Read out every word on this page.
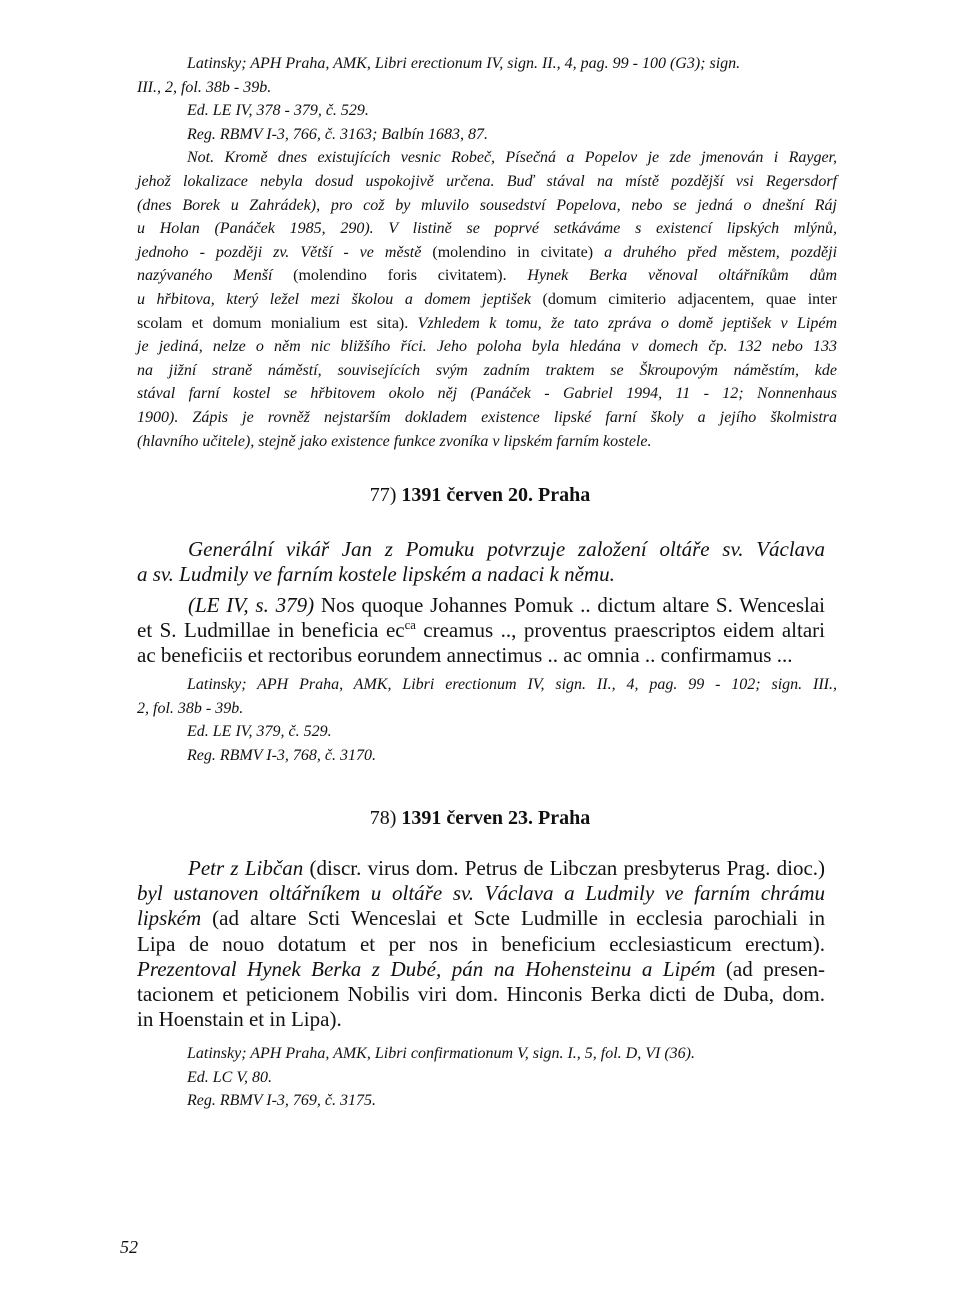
Latinsky; APH Praha, AMK, Libri erectionum IV, sign. II., 4, pag. 99 - 100 (G3); sign.
III., 2, fol. 38b - 39b.
Ed. LE IV, 378 - 379, č. 529.
Reg. RBMV I-3, 766, č. 3163; Balbín 1683, 87.
Not. Kromě dnes existujících vesnic Robeč, Písečná a Popelov je zde jmenován i Rayger,
jehož lokalizace nebyla dosud uspokojivě určena. Buď stával na místě pozdější vsi Regersdorf
(dnes Borek u Zahrádek), pro což by mluvilo sousedství Popelova, nebo se jedná o dnešní Ráj
u Holan (Panáček 1985, 290). V listině se poprvé setkáváme s existencí lipských mlýnů,
jednoho - později zv. Větší - ve městě (molendino in civitate) a druhého před městem, později
nazývaného Menší (molendino foris civitatem). Hynek Berka věnoval oltářníkům dům
u hřbitova, který ležel mezi školou a domem jeptišek (domum cimiterio adjacentem, quae inter
scolam et domum monialium est sita). Vzhledem k tomu, že tato zpráva o domě jeptišek v Lipém
je jediná, nelze o něm nic bližšího říci. Jeho poloha byla hledána v domech čp. 132 nebo 133
na jižní straně náměstí, souvisejících svým zadním traktem se Škroupovým náměstím, kde
stával farní kostel se hřbitovem okolo něj (Panáček - Gabriel 1994, 11 - 12; Nonnenhaus
1900). Zápis je rovněž nejstarším dokladem existence lipské farní školy a jejího školmistra
(hlavního učitele), stejně jako existence funkce zvoníka v lipském farním kostele.
77) 1391 červen 20. Praha
Generální vikář Jan z Pomuku potvrzuje založení oltáře sv. Václava
a sv. Ludmily ve farním kostele lipském a nadaci k němu.
(LE IV, s. 379) Nos quoque Johannes Pomuk .. dictum altare S. Wenceslai
et S. Ludmillae in beneficia $ec^{ca}$ creamus .., proventus praescriptos eidem altari
ac beneficiis et rectoribus eorundem annectimus .. ac omnia .. confirmamus ...
Latinsky; APH Praha, AMK, Libri erectionum IV, sign. II., 4, pag. 99 - 102; sign. III.,
2, fol. 38b - 39b.
Ed. LE IV, 379, č. 529.
Reg. RBMV I-3, 768, č. 3170.
78) 1391 červen 23. Praha
Petr z Libčan (discr. virus dom. Petrus de Libczan presbyterus Prag. dioc.)
byl ustanoven oltářníkem u oltáře sv. Václava a Ludmily ve farním chrámu
lipském (ad altare Scti Wenceslai et Scte Ludmille in ecclesia parochiali in
Lipa de nouo dotatum et per nos in beneficium ecclesiasticum erectum).
Prezentoval Hynek Berka z Dubé, pán na Hohensteinu a Lipém (ad presen-
tacionem et peticionem Nobilis viri dom. Hinconis Berka dicti de Duba, dom.
in Hoenstain et in Lipa).
Latinsky; APH Praha, AMK, Libri confirmationum V, sign. I., 5, fol. D, VI (36).
Ed. LC V, 80.
Reg. RBMV I-3, 769, č. 3175.
52
